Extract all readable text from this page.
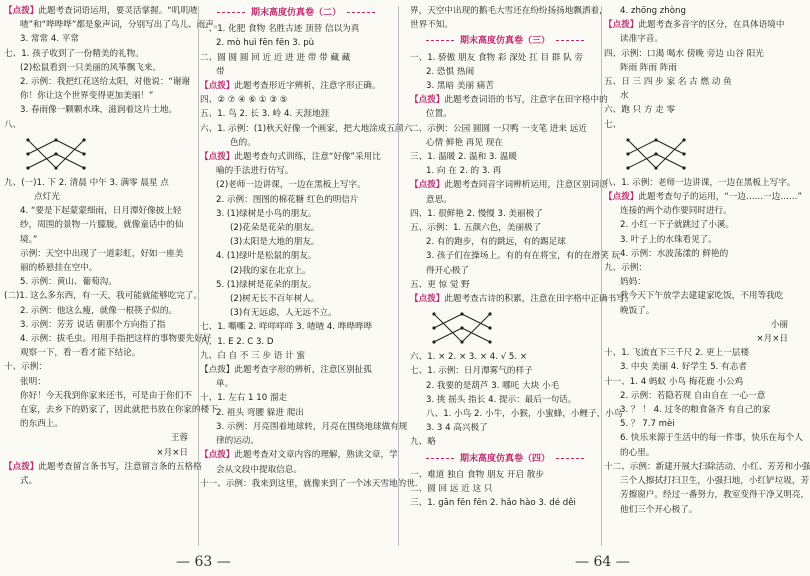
【点拨】此题考查词语运用，要灵活掌握。“叽叽喳
喳”和“哗哗哗”都是象声词，分别写出了鸟儿、雨声。
3. 常常 4. 平常
七、1. 孩子收到了一份精美的礼物。
(2)松鼠看到一只美丽的风筝飘飞来。
2. 示例：我把红花送给太阳，对他说：“谢谢
你！你让这个世界变得更加美丽！”
3. 春雨像一颗颗水珠，滋润着这片土地。
八、
九、(一)1. 下 2. 清晨 中午 3. 满零 晨星 点
点灯光
4. “要是下起蒙蒙细雨，日月潭好像披上轻
纱，周围的景物一片朦胧，就像童话中的仙
境。”
示例：天空中出现了一道彩虹，好如一座美
丽的桥悬挂在空中。
5. 示例：黄山、葡萄沟。
(二)1. 这么多东西，有一天，我可能就能够吃完了。
2. 示例：他这么瘦，就像一根筷子似的。
3. 示例：芳芳 说话 朝那个方向指了指
4. 示例：拔毛虫。用用手指把这样的事物要先好好
观察一下，看一看才能下结论。
十、示例：
张明：
你好！今天我到你家来还书，可是由于你们不
在家，去乡下的奶家了，因此就把书放在你家的楼下
的东西上。
王蓉
×月×日
【点拨】此题考查留言条书写，注意留言条的五格格
式。
期末高度仿真卷（二）
一、1. 化肥 食物 名胜古迹 顶替 信以为真
2. mò huì fēn fēn 3. pù
二、圆 圆 圆 回 近 近 进 进 带 带 藏 藏
带
【点拨】此题考查形近字辨析，注意字形正确。
四、② ⑦ ④ ⑥ ① ③ ⑤
五、1. 鸟 2. 长 3. 岭 4. 天涯地涯
六、1. 示例：(1)秋天好像一个画家，把大地涂成五颜六
色的。
【点拨】此题考查句式训练，注意“好像”采用比
喻的手法进行仿写。
(2)老师一边讲课，一边在黑板上写字。
2. 示例：图图的棉花糖 红色的明信片
3. (1)绿树是小鸟的朋友。
(2)花朵是花朵的朋友。
(3)太阳是大地的朋友。
4. (1)绿叶是松鼠的朋友。
(2)我的家在北京上。
5. (1)绿树是花朵的朋友。
(2)树无长不百年树人。
(3)有无远虑，人无远不立。
七、1. 嘶嘶 2. 咩咩咩咩 3. 喳喳 4. 哗哗哗哗
八、1. E 2. C 3. D
九、白 自 不 三 步 语 计 蜜
【点拨】此题考查字形的辨析，注意区别扯孤
单。
十、1. 左右 1 10 溜走
2. 祖头 弯腰 躲进 爬出
3. 示例：月亮围着地球转，月亮在围绕地球做有规
律的运动。
【点拨】此题考查对文章内容的理解，熟读文章，学
会从文段中提取信息。
十一、示例：我来到这里，就像来到了一个冰天雪地的世
界，天空中出现的鹅毛大雪还在纷纷扬扬地飘洒着，
世界不知。
期末高度仿真卷（三）
一、1. 骄傲 朋友 食物 彩 深处 扛 目 群 队 旁
2. 恐惧 热闹
3. 黑暗 美丽 痛苦
【点拨】此题考查词语的书写，注意字在田字格中的
位置。
二、示例：公园 圆圆 一只鸭 一支笔 进来 远近
心情 鲜艳 再见 现在
三、1. 温暖 2. 温和 3. 温暖
1. 向 在 2. 的 3. 再
【点拨】此题考查同音字词辨析运用，注意区别词语
意思。
四、1. 很鲜艳 2. 慢慢 3. 美丽极了
五、示例：1. 五颜六色，美丽极了
2. 有的跑步，有的跳远，有的踢足球
3. 孩子们在操场上。有的有在将宝，有的在滑笑 玩
得开心极了
五、更 惊 觉 野
【点拨】此题考查古诗的积累，注意在田字格中正确书写。
六、1. × 2. × 3. × 4. √ 5. ×
七、1. 示例：日月潭雾气的样子
2. 我要的是葫芦 3. 哪吒 大块 小毛
3. 挑 摇头 指长 4. 提示：最后一句话。
八、1. 小鸟 2. 小牛，小猴，小蜜蜂，小鲤子，小鸟
3. 3 4 高兴极了
九、略
期末高度仿真卷（四）
一、难道 独自 食物 朋友 开启 散步
二、圆 回 远 近 这 只
三、1. gān fēn fēn 2. hāo hào 3. dé děi
4. zhōng zhòng
【点拨】此题考查多音字的区分，在具体语境中
读准字音。
四、示例：口渴 喝水 傍晚 旁边 山谷 阳光
阵雨 阵雨 阵雨
五、日 三 四 步 家 名 古 燃 动 鱼
水
六、跑 只 方 走 零
七、
八、1. 示例：老师一边讲课，一边在黑板上写字。
【点拨】此题考查句子的运用，“一边……一边……”
连接的两个动作要同时进行。
2. 小红一下子就跳过了小溪。
3. 叶子上的水珠看见了。
4. 示例：水波荡漾的 鲜艳的
九、示例：
妈妈：
我今天下午放学去建建家吃饭，不用等我吃
晚饭了。
小丽
×月×日
十、1. 飞流直下三千尺 2. 更上一层楼
3. 中央 美丽 4. 好学生 5. 有志者
十一、1. 4 蚂蚁 小鸟 梅花鹿 小公鸡
2. 示例：若隐若现 自由自在 一心一意
3. ？ ！ 4. 过冬的粮食备齐 有自己的家
5. ？ 7.7 mèi
6. 快乐来源于生活中的每一件事，快乐在每个人
的心里。
十二、示例：新建开展大扫除活动，小红、芳芳和小强
三个人擦拭打扫卫生，小强扫地，小红铲垃圾，芳
芳擦窗户。经过一番努力，教室变得干净又明亮，
他们三个开心极了。
— 63 —	— 64 —
